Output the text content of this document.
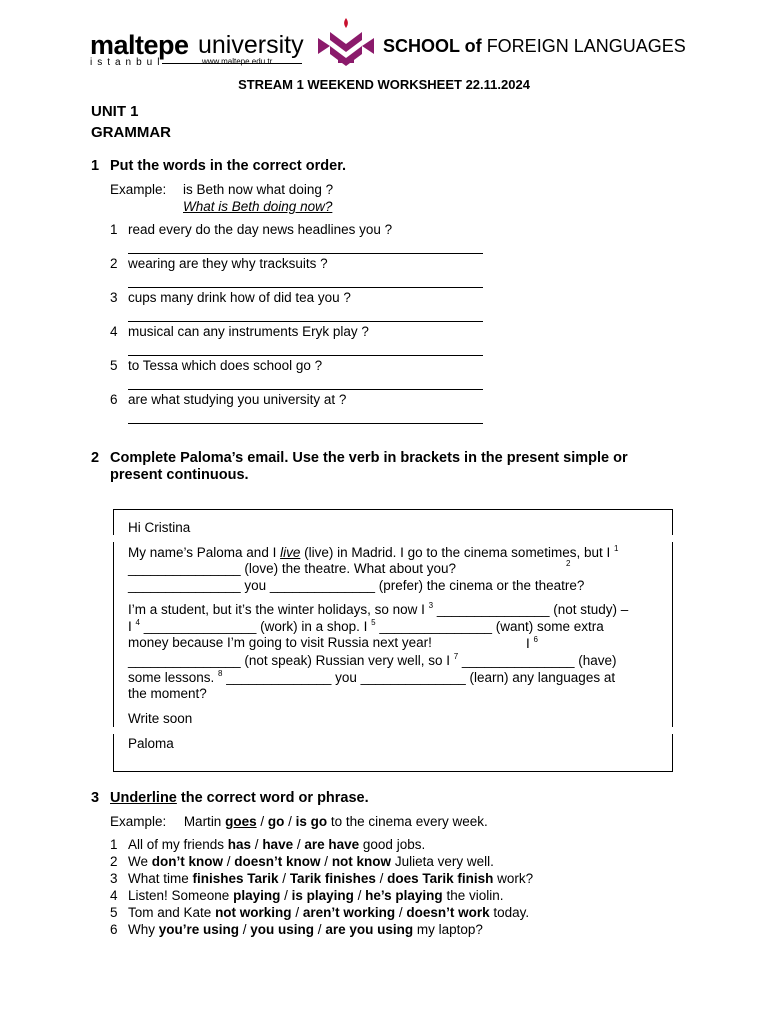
maltepe university
istanbul	www.maltepe.edu.tr
SCHOOL of FOREIGN LANGUAGES
STREAM 1 WEEKEND WORKSHEET 22.11.2024
UNIT 1
GRAMMAR
1 Put the words in the correct order.
Example: is Beth now what doing ?
What is Beth doing now?
1 read every do the day news headlines you ?
2 wearing are they why tracksuits ?
3 cups many drink how of did tea you ?
4 musical can any instruments Eryk play ?
5 to Tessa which does school go ?
6 are what studying you university at ?
2 Complete Paloma’s email. Use the verb in brackets in the present simple or
present continuous.
Hi Cristina
My name’s Paloma and I live (live) in Madrid. I go to the cinema sometimes, but I $^1$
_______________ (love) the theatre. What about you?	2
_______________ you ______________ (prefer) the cinema or the theatre?
I’m a student, but it’s the winter holidays, so now I $^3$ _______________ (not study) –
I $^4$ _______________ (work) in a shop. I $^5$ _______________ (want) some extra
money because I’m going to visit Russia next year!	I $^6$
_______________ (not speak) Russian very well, so I $^7$ _______________ (have)
some lessons. $^8$ ______________ you ______________ (learn) any languages at
the moment?
Write soon
Paloma
3 Underline the correct word or phrase.
Example: Martin goes / go / is go to the cinema every week.
1 All of my friends has / have / are have good jobs.
2 We don’t know / doesn’t know / not know Julieta very well.
3 What time finishes Tarik / Tarik finishes / does Tarik finish work?
4 Listen! Someone playing / is playing / he’s playing the violin.
5 Tom and Kate not working / aren’t working / doesn’t work today.
6 Why you’re using / you using / are you using my laptop?
